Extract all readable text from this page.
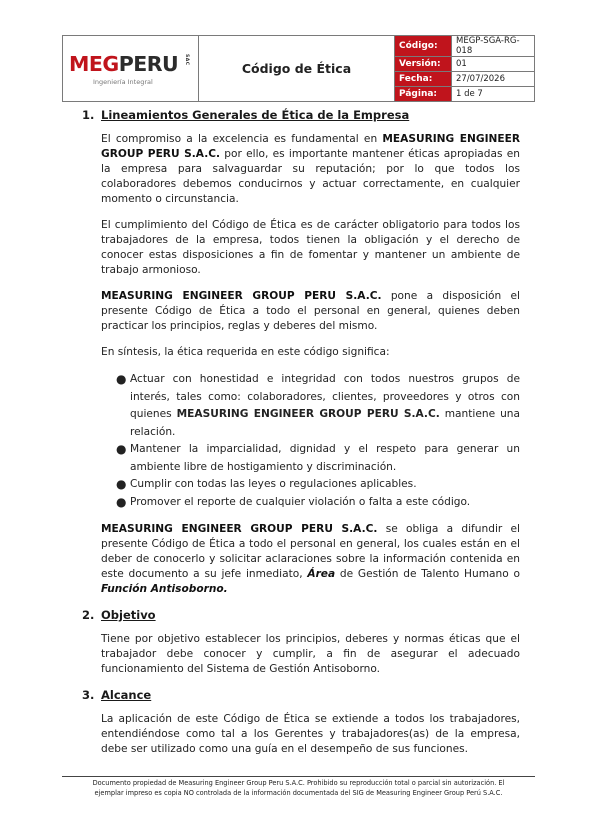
MEGPERU SAC
Ingeniería Integral	Código de Ética	Código:	MEGP-SGA-RG-018
		Versión:	01
		Fecha:	27/07/2026
		Página:	1 de 7
1. Lineamientos Generales de Ética de la Empresa

El compromiso a la excelencia es fundamental en MEASURING ENGINEER GROUP PERU S.A.C. por ello, es importante mantener éticas apropiadas en la empresa para salvaguardar su reputación; por lo que todos los colaboradores debemos conducirnos y actuar correctamente, en cualquier momento o circunstancia.

El cumplimiento del Código de Ética es de carácter obligatorio para todos los trabajadores de la empresa, todos tienen la obligación y el derecho de conocer estas disposiciones a fin de fomentar y mantener un ambiente de trabajo armonioso.

MEASURING ENGINEER GROUP PERU S.A.C. pone a disposición el presente Código de Ética a todo el personal en general, quienes deben practicar los principios, reglas y deberes del mismo.

En síntesis, la ética requerida en este código significa:

● Actuar con honestidad e integridad con todos nuestros grupos de interés, tales como: colaboradores, clientes, proveedores y otros con quienes MEASURING ENGINEER GROUP PERU S.A.C. mantiene una relación.
● Mantener la imparcialidad, dignidad y el respeto para generar un ambiente libre de hostigamiento y discriminación.
● Cumplir con todas las leyes o regulaciones aplicables.
● Promover el reporte de cualquier violación o falta a este código.

MEASURING ENGINEER GROUP PERU S.A.C. se obliga a difundir el presente Código de Ética a todo el personal en general, los cuales están en el deber de conocerlo y solicitar aclaraciones sobre la información contenida en este documento a su jefe inmediato, Área de Gestión de Talento Humano o Función Antisoborno.

2. Objetivo

Tiene por objetivo establecer los principios, deberes y normas éticas que el trabajador debe conocer y cumplir, a fin de asegurar el adecuado funcionamiento del Sistema de Gestión Antisoborno.

3. Alcance

La aplicación de este Código de Ética se extiende a todos los trabajadores, entendiéndose como tal a los Gerentes y trabajadores(as) de la empresa, debe ser utilizado como una guía en el desempeño de sus funciones.

Documento propiedad de Measuring Engineer Group Peru S.A.C. Prohibido su reproducción total o parcial sin autorización. El
ejemplar impreso es copia NO controlada de la información documentada del SIG de Measuring Engineer Group Perú S.A.C.
